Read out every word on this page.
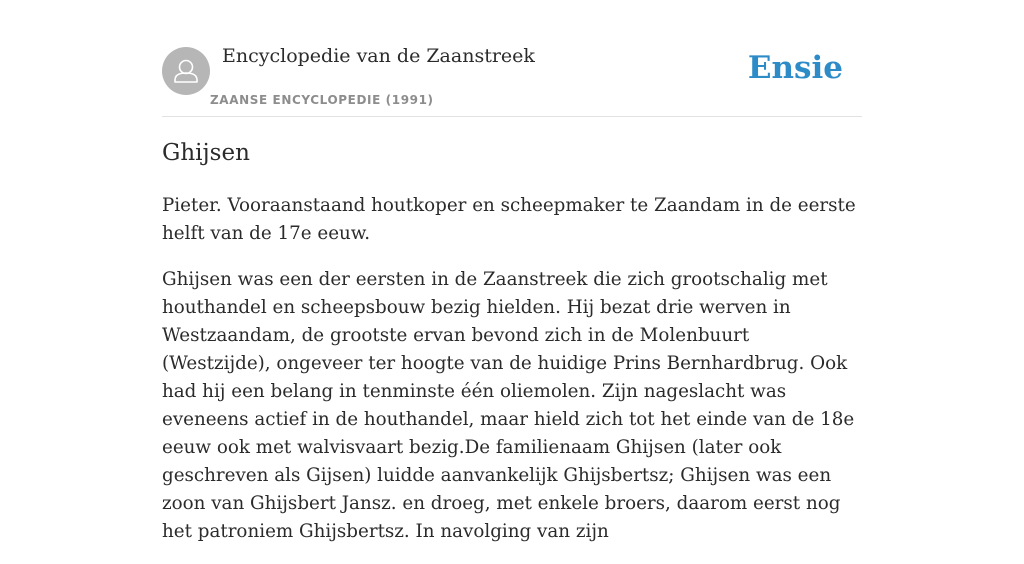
Encyclopedie van de Zaanstreek
ZAANSE ENCYCLOPEDIE (1991)
Ensie
Ghijsen

Pieter. Vooraanstaand houtkoper en scheepmaker te Zaandam in de eerste helft van de 17e eeuw.

Ghijsen was een der eersten in de Zaanstreek die zich grootschalig met houthandel en scheepsbouw bezig hielden. Hij bezat drie werven in Westzaandam, de grootste ervan bevond zich in de Molenbuurt (Westzijde), ongeveer ter hoogte van de huidige Prins Bernhardbrug. Ook had hij een belang in tenminste één oliemolen. Zijn nageslacht was eveneens actief in de houthandel, maar hield zich tot het einde van de 18e eeuw ook met walvisvaart bezig.De familienaam Ghijsen (later ook geschreven als Gijsen) luidde aanvankelijk Ghijsbertsz; Ghijsen was een zoon van Ghijsbert Jansz. en droeg, met enkele broers, daarom eerst nog het patroniem Ghijsbertsz. In navolging van zijn
